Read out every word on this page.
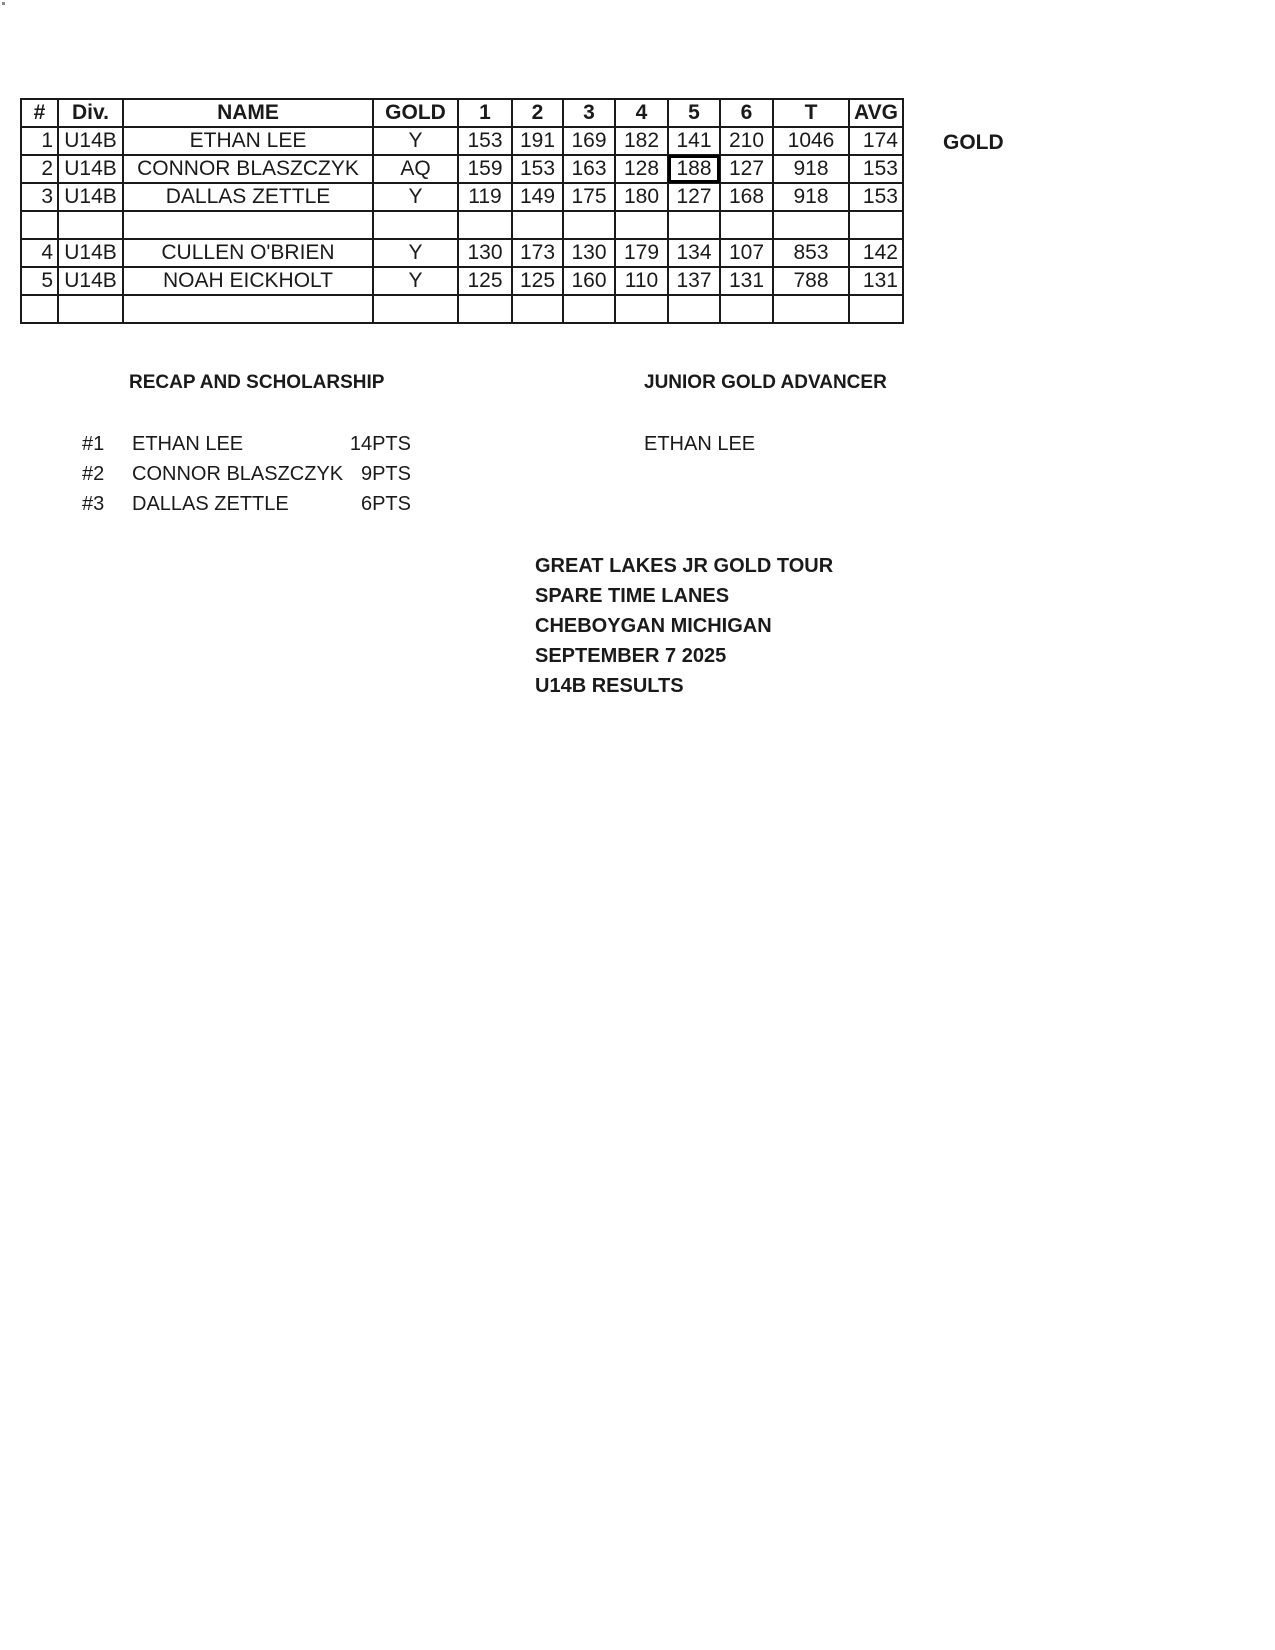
#	Div.	NAME	GOLD	1	2	3	4	5	6	T	AVG
1	U14B	ETHAN LEE	Y	153	191	169	182	141	210	1046	174
2	U14B	CONNOR BLASZCZYK	AQ	159	153	163	128	188	127	918	153
3	U14B	DALLAS ZETTLE	Y	119	149	175	180	127	168	918	153

4	U14B	CULLEN O'BRIEN	Y	130	173	130	179	134	107	853	142
5	U14B	NOAH EICKHOLT	Y	125	125	160	110	137	131	788	131

GOLD
RECAP AND SCHOLARSHIP	JUNIOR GOLD ADVANCER
#1 ETHAN LEE	14PTS
#2 CONNOR BLASZCZYK 9PTS
#3 DALLAS ZETTLE	6PTS
ETHAN LEE
GREAT LAKES JR GOLD TOUR
SPARE TIME LANES
CHEBOYGAN MICHIGAN
SEPTEMBER 7 2025
U14B RESULTS
